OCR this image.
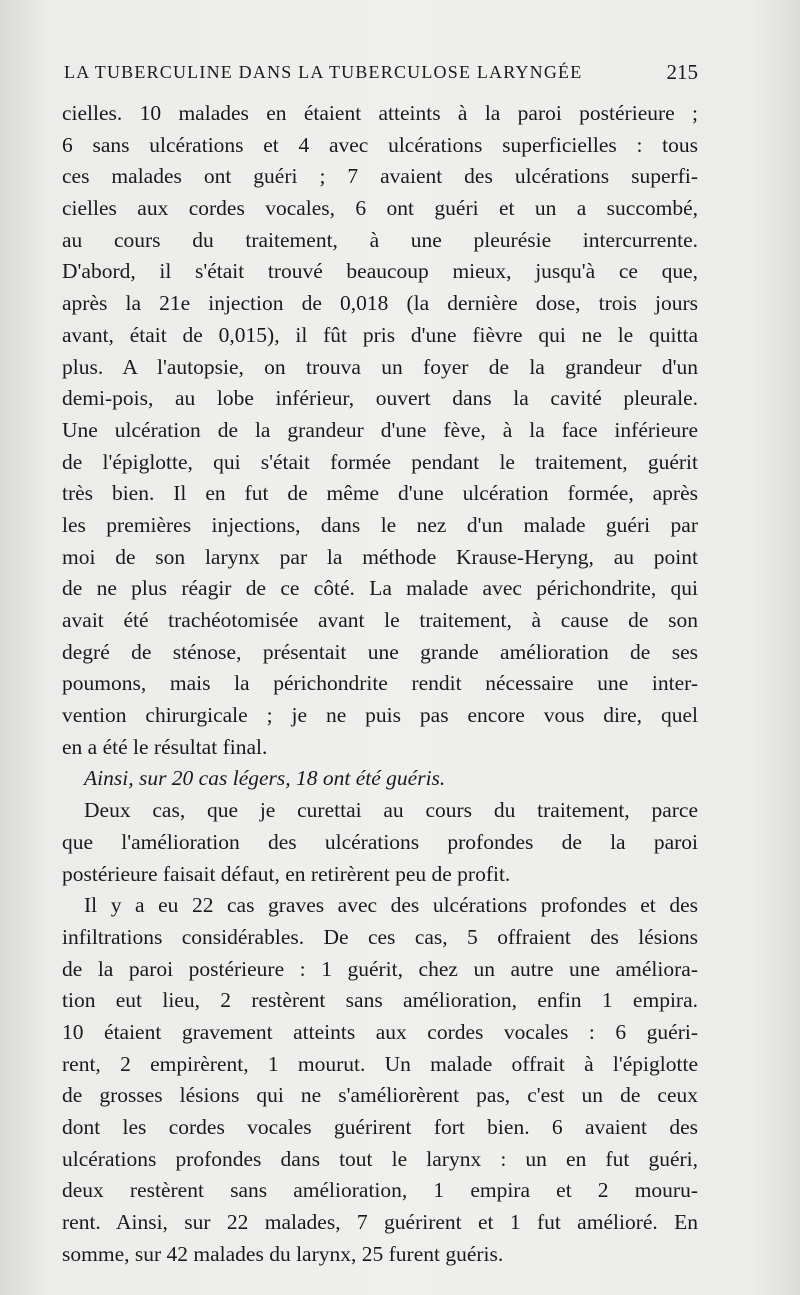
LA TUBERCULINE DANS LA TUBERCULOSE LARYNGÉE	215
cielles. 10 malades en étaient atteints à la paroi postérieure ;
6 sans ulcérations et 4 avec ulcérations superficielles : tous
ces malades ont guéri ; 7 avaient des ulcérations superfi-
cielles aux cordes vocales, 6 ont guéri et un a succombé,
au cours du traitement, à une pleurésie intercurrente.
D'abord, il s'était trouvé beaucoup mieux, jusqu'à ce que,
après la 21e injection de 0,018 (la dernière dose, trois jours
avant, était de 0,015), il fût pris d'une fièvre qui ne le quitta
plus. A l'autopsie, on trouva un foyer de la grandeur d'un
demi-pois, au lobe inférieur, ouvert dans la cavité pleurale.
Une ulcération de la grandeur d'une fève, à la face inférieure
de l'épiglotte, qui s'était formée pendant le traitement, guérit
très bien. Il en fut de même d'une ulcération formée, après
les premières injections, dans le nez d'un malade guéri par
moi de son larynx par la méthode Krause-Heryng, au point
de ne plus réagir de ce côté. La malade avec périchondrite, qui
avait été trachéotomisée avant le traitement, à cause de son
degré de sténose, présentait une grande amélioration de ses
poumons, mais la périchondrite rendit nécessaire une inter-
vention chirurgicale ; je ne puis pas encore vous dire, quel
en a été le résultat final.
Ainsi, sur 20 cas légers, 18 ont été guéris.
Deux cas, que je curettai au cours du traitement, parce
que l'amélioration des ulcérations profondes de la paroi
postérieure faisait défaut, en retirèrent peu de profit.
Il y a eu 22 cas graves avec des ulcérations profondes et des
infiltrations considérables. De ces cas, 5 offraient des lésions
de la paroi postérieure : 1 guérit, chez un autre une améliora-
tion eut lieu, 2 restèrent sans amélioration, enfin 1 empira.
10 étaient gravement atteints aux cordes vocales : 6 guéri-
rent, 2 empirèrent, 1 mourut. Un malade offrait à l'épiglotte
de grosses lésions qui ne s'améliorèrent pas, c'est un de ceux
dont les cordes vocales guérirent fort bien. 6 avaient des
ulcérations profondes dans tout le larynx : un en fut guéri,
deux restèrent sans amélioration, 1 empira et 2 mouru-
rent. Ainsi, sur 22 malades, 7 guérirent et 1 fut amélioré. En
somme, sur 42 malades du larynx, 25 furent guéris.
